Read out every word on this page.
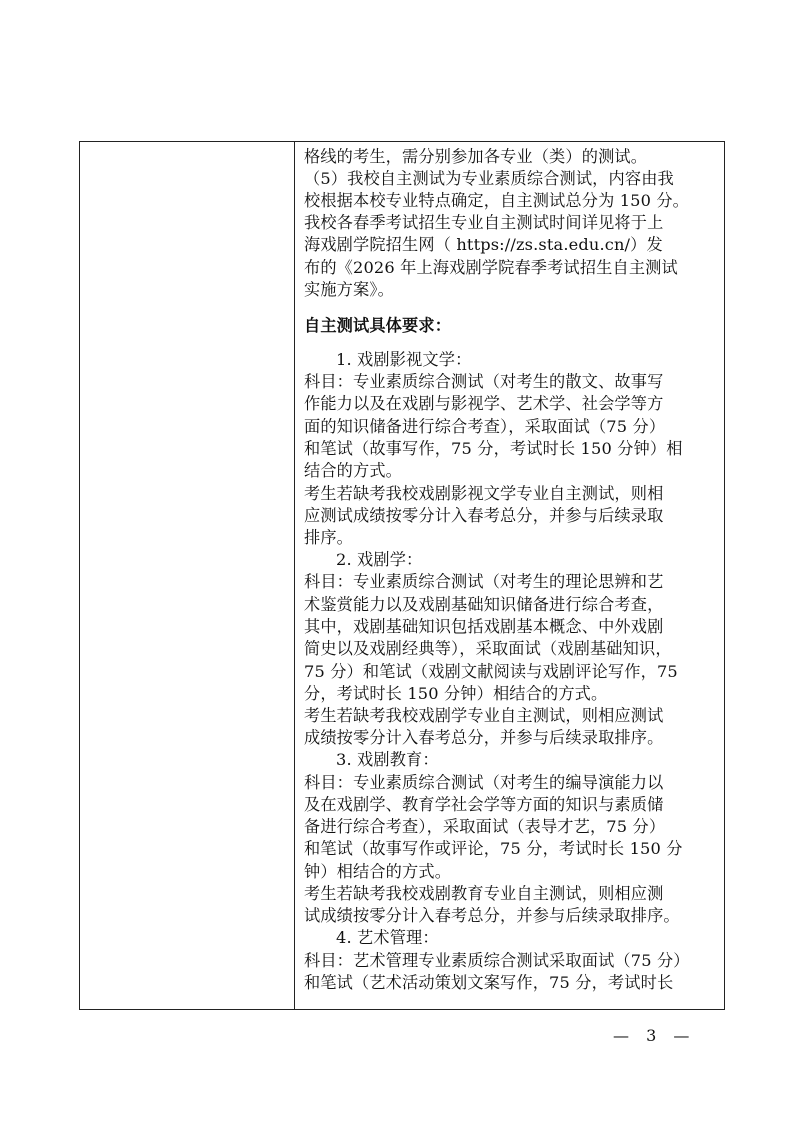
格线的考生，需分别参加各专业（类）的测试。
（5）我校自主测试为专业素质综合测试，内容由我
校根据本校专业特点确定，自主测试总分为 150 分。
我校各春季考试招生专业自主测试时间详见将于上
海戏剧学院招生网（ https://zs.sta.edu.cn/）发
布的《2026 年上海戏剧学院春季考试招生自主测试
实施方案》。
自主测试具体要求：
1. 戏剧影视文学：
科目：专业素质综合测试（对考生的散文、故事写
作能力以及在戏剧与影视学、艺术学、社会学等方
面的知识储备进行综合考查），采取面试（75 分）
和笔试（故事写作，75 分，考试时长 150 分钟）相
结合的方式。
考生若缺考我校戏剧影视文学专业自主测试，则相
应测试成绩按零分计入春考总分，并参与后续录取
排序。
2. 戏剧学：
科目：专业素质综合测试（对考生的理论思辨和艺
术鉴赏能力以及戏剧基础知识储备进行综合考查，
其中，戏剧基础知识包括戏剧基本概念、中外戏剧
简史以及戏剧经典等），采取面试（戏剧基础知识，
75 分）和笔试（戏剧文献阅读与戏剧评论写作，75
分，考试时长 150 分钟）相结合的方式。
考生若缺考我校戏剧学专业自主测试，则相应测试
成绩按零分计入春考总分，并参与后续录取排序。
3. 戏剧教育：
科目：专业素质综合测试（对考生的编导演能力以
及在戏剧学、教育学社会学等方面的知识与素质储
备进行综合考查），采取面试（表导才艺，75 分）
和笔试（故事写作或评论，75 分，考试时长 150 分
钟）相结合的方式。
考生若缺考我校戏剧教育专业自主测试，则相应测
试成绩按零分计入春考总分，并参与后续录取排序。
4. 艺术管理：
科目：艺术管理专业素质综合测试采取面试（75 分）
和笔试（艺术活动策划文案写作，75 分，考试时长
— 3 —
